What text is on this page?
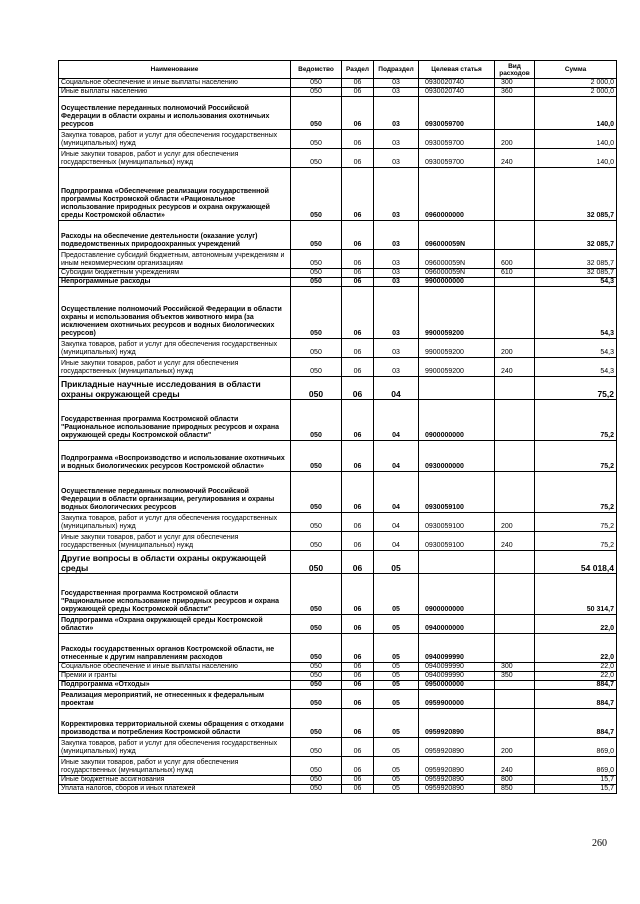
Наименование	Ведомство	Раздел	Подраздел	Целевая статья	Вид расходов	Сумма
Социальное обеспечение и иные выплаты населению	050	06	03	0930020740	300	2 000,0
Иные выплаты населению	050	06	03	0930020740	360	2 000,0
Осуществление переданных полномочий Российской Федерации в области охраны и использования охотничьих ресурсов	050	06	03	0930059700		140,0
Закупка товаров, работ и услуг для обеспечения государственных (муниципальных) нужд	050	06	03	0930059700	200	140,0
Иные закупки товаров, работ и услуг для обеспечения государственных (муниципальных) нужд	050	06	03	0930059700	240	140,0
Подпрограмма «Обеспечение реализации государственной программы Костромской области «Рациональное использование природных ресурсов и охрана окружающей среды Костромской области»	050	06	03	0960000000		32 085,7
Расходы на обеспечение деятельности (оказание услуг) подведомственных природоохранных учреждений	050	06	03	096000059N		32 085,7
Предоставление субсидий бюджетным, автономным учреждениям и иным некоммерческим организациям	050	06	03	096000059N	600	32 085,7
Субсидии бюджетным учреждениям	050	06	03	096000059N	610	32 085,7
Непрограммные расходы	050	06	03	9900000000		54,3
Осуществление полномочий Российской Федерации в области охраны и использования объектов животного мира (за исключением охотничьих ресурсов и водных биологических ресурсов)	050	06	03	9900059200		54,3
Закупка товаров, работ и услуг для обеспечения государственных (муниципальных) нужд	050	06	03	9900059200	200	54,3
Иные закупки товаров, работ и услуг для обеспечения государственных (муниципальных) нужд	050	06	03	9900059200	240	54,3
Прикладные научные исследования в области охраны окружающей среды	050	06	04			75,2
Государственная программа Костромской области "Рациональное использование природных ресурсов и охрана окружающей среды Костромской области"	050	06	04	0900000000		75,2
Подпрограмма «Воспроизводство и использование охотничьих и водных биологических ресурсов Костромской области»	050	06	04	0930000000		75,2
Осуществление переданных полномочий Российской Федерации в области организации, регулирования и охраны водных биологических ресурсов	050	06	04	0930059100		75,2
Закупка товаров, работ и услуг для обеспечения государственных (муниципальных) нужд	050	06	04	0930059100	200	75,2
Иные закупки товаров, работ и услуг для обеспечения государственных (муниципальных) нужд	050	06	04	0930059100	240	75,2
Другие вопросы в области охраны окружающей среды	050	06	05			54 018,4
Государственная программа Костромской области "Рациональное использование природных ресурсов и охрана окружающей среды Костромской области"	050	06	05	0900000000		50 314,7
Подпрограмма «Охрана окружающей среды Костромской области»	050	06	05	0940000000		22,0
Расходы государственных органов Костромской области, не отнесенные к другим направлениям расходов	050	06	05	0940099990		22,0
Социальное обеспечение и иные выплаты населению	050	06	05	0940099990	300	22,0
Премии и гранты	050	06	05	0940099990	350	22,0
Подпрограмма «Отходы»	050	06	05	0950000000		884,7
Реализация мероприятий, не отнесенных к федеральным проектам	050	06	05	0959900000		884,7
Корректировка территориальной схемы обращения с отходами производства и потребления Костромской области	050	06	05	0959920890		884,7
Закупка товаров, работ и услуг для обеспечения государственных (муниципальных) нужд	050	06	05	0959920890	200	869,0
Иные закупки товаров, работ и услуг для обеспечения государственных (муниципальных) нужд	050	06	05	0959920890	240	869,0
Иные бюджетные ассигнования	050	06	05	0959920890	800	15,7
Уплата налогов, сборов и иных платежей	050	06	05	0959920890	850	15,7
260
